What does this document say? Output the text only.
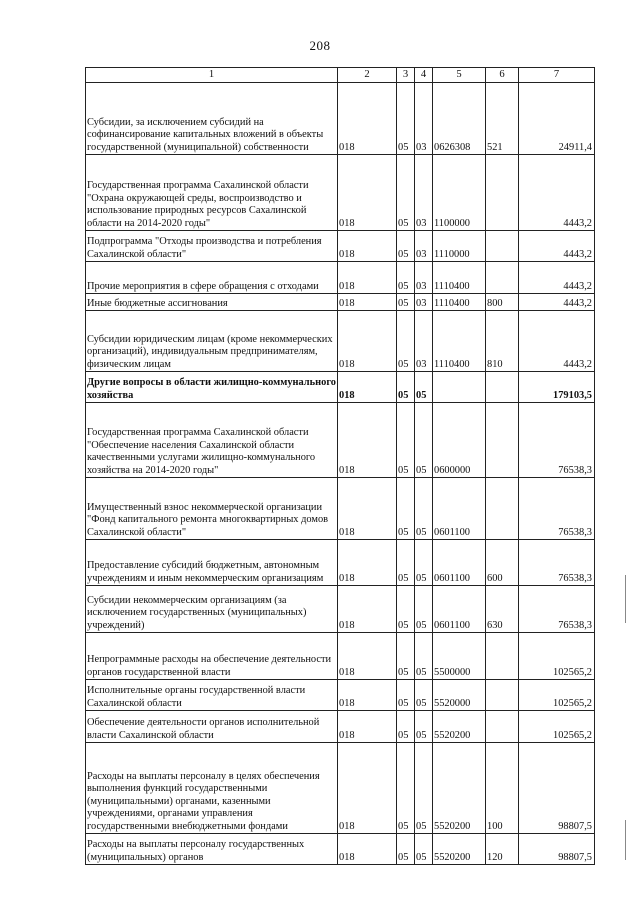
208
1	2	3	4	5	6	7
Субсидии, за исключением субсидий на софинансирование капитальных вложений в объекты государственной (муниципальной) собственности	018	05	03	0626308	521	24911,4
Государственная программа Сахалинской области "Охрана окружающей среды, воспроизводство и использование природных ресурсов Сахалинской области на 2014-2020 годы"	018	05	03	1100000		4443,2
Подпрограмма "Отходы производства и потребления Сахалинской области"	018	05	03	1110000		4443,2
Прочие мероприятия в сфере обращения с отходами	018	05	03	1110400		4443,2
Иные бюджетные ассигнования	018	05	03	1110400	800	4443,2
Субсидии юридическим лицам (кроме некоммерческих организаций), индивидуальным предпринимателям, физическим лицам	018	05	03	1110400	810	4443,2
Другие вопросы в области жилищно-коммунального хозяйства	018	05	05			179103,5
Государственная программа Сахалинской области "Обеспечение населения Сахалинской области качественными услугами жилищно-коммунального хозяйства на 2014-2020 годы"	018	05	05	0600000		76538,3
Имущественный взнос некоммерческой организации "Фонд капитального ремонта многоквартирных домов Сахалинской области"	018	05	05	0601100		76538,3
Предоставление субсидий бюджетным, автономным учреждениям и иным некоммерческим организациям	018	05	05	0601100	600	76538,3
Субсидии некоммерческим организациям (за исключением государственных (муниципальных) учреждений)	018	05	05	0601100	630	76538,3
Непрограммные расходы на обеспечение деятельности органов государственной власти	018	05	05	5500000		102565,2
Исполнительные органы государственной власти Сахалинской области	018	05	05	5520000		102565,2
Обеспечение деятельности органов исполнительной власти Сахалинской области	018	05	05	5520200		102565,2
Расходы на выплаты персоналу в целях обеспечения выполнения функций государственными (муниципальными) органами, казенными учреждениями, органами управления государственными внебюджетными фондами	018	05	05	5520200	100	98807,5
Расходы на выплаты персоналу государственных (муниципальных) органов	018	05	05	5520200	120	98807,5
